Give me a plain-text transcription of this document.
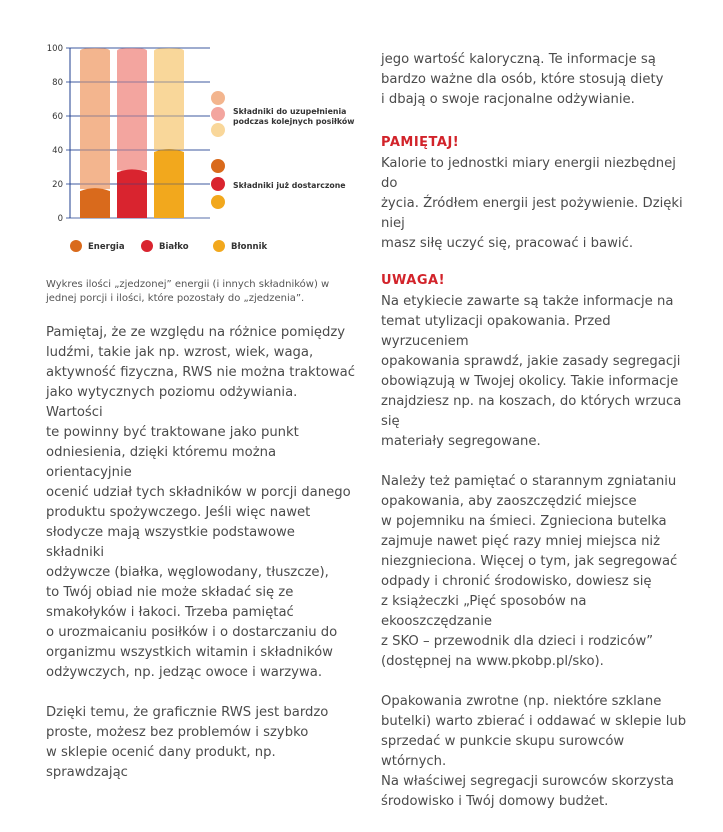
0
20
40
60
80
100
Energia	Białko	Błonnik
Składniki do uzupełnienia
podczas kolejnych posiłków
Składniki już dostarczone
Wykres ilości „zjedzonej” energii (i innych składników) w
jednej porcji i ilości, które pozostały do „zjedzenia”.

Pamiętaj, że ze względu na różnice pomiędzy
ludźmi, takie jak np. wzrost, wiek, waga,
aktywność fizyczna, RWS nie można traktować
jako wytycznych poziomu odżywiania. Wartości
te powinny być traktowane jako punkt
odniesienia, dzięki któremu można orientacyjnie
ocenić udział tych składników w porcji danego
produktu spożywczego. Jeśli więc nawet
słodycze mają wszystkie podstawowe składniki
odżywcze (białka, węglowodany, tłuszcze),
to Twój obiad nie może składać się ze
smakołyków i łakoci. Trzeba pamiętać
o urozmaicaniu posiłków i o dostarczaniu do
organizmu wszystkich witamin i składników
odżywczych, np. jedząc owoce i warzywa.

Dzięki temu, że graficznie RWS jest bardzo
proste, możesz bez problemów i szybko
w sklepie ocenić dany produkt, np. sprawdzając

jego wartość kaloryczną. Te informacje są
bardzo ważne dla osób, które stosują diety
i dbają o swoje racjonalne odżywianie.

PAMIĘTAJ!

Kalorie to jednostki miary energii niezbędnej do
życia. Źródłem energii jest pożywienie. Dzięki niej
masz siłę uczyć się, pracować i bawić.

UWAGA!

Na etykiecie zawarte są także informacje na
temat utylizacji opakowania. Przed wyrzuceniem
opakowania sprawdź, jakie zasady segregacji
obowiązują w Twojej okolicy. Takie informacje
znajdziesz np. na koszach, do których wrzuca się
materiały segregowane.

Należy też pamiętać o starannym zgniataniu
opakowania, aby zaoszczędzić miejsce
w pojemniku na śmieci. Zgnieciona butelka
zajmuje nawet pięć razy mniej miejsca niż
niezgnieciona. Więcej o tym, jak segregować
odpady i chronić środowisko, dowiesz się
z książeczki „Pięć sposobów na ekooszczędzanie
z SKO – przewodnik dla dzieci i rodziców”
(dostępnej na www.pkobp.pl/sko).

Opakowania zwrotne (np. niektóre szklane
butelki) warto zbierać i oddawać w sklepie lub
sprzedać w punkcie skupu surowców wtórnych.
Na właściwej segregacji surowców skorzysta
środowisko i Twój domowy budżet.
